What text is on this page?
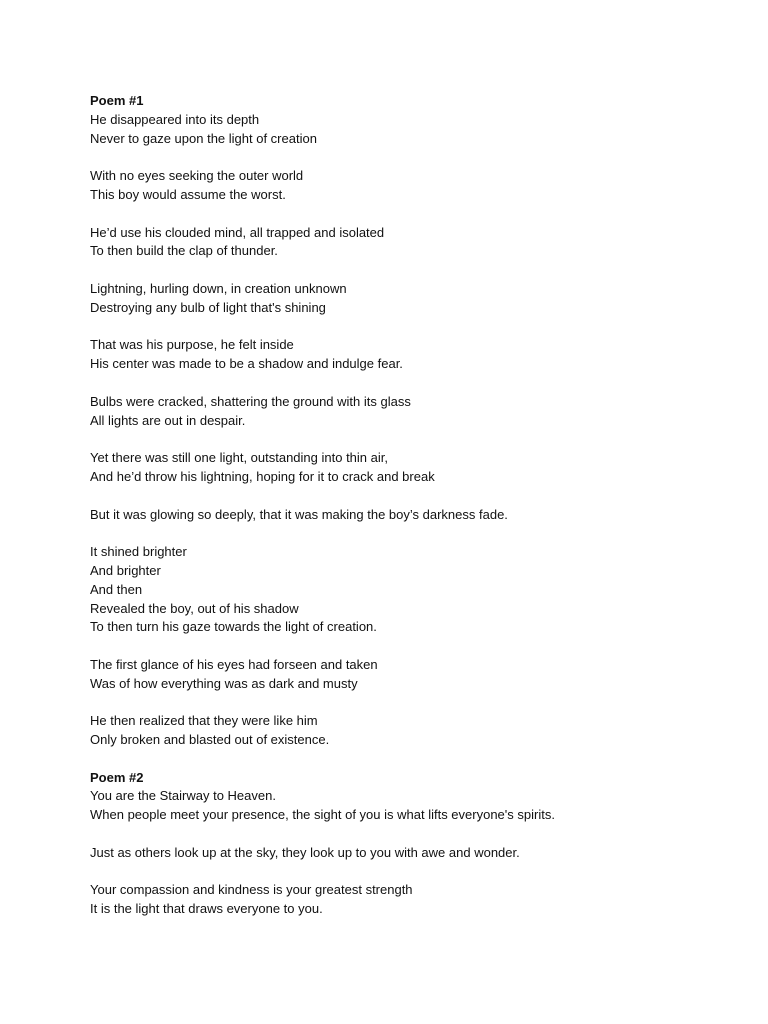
Poem #1
He disappeared into its depth
Never to gaze upon the light of creation
With no eyes seeking the outer world
This boy would assume the worst.
He’d use his clouded mind, all trapped and isolated
To then build the clap of thunder.
Lightning, hurling down, in creation unknown
Destroying any bulb of light that's shining
That was his purpose, he felt inside
His center was made to be a shadow and indulge fear.
Bulbs were cracked, shattering the ground with its glass
All lights are out in despair.
Yet there was still one light, outstanding into thin air,
And he’d throw his lightning, hoping for it to crack and break
But it was glowing so deeply, that it was making the boy’s darkness fade.
It shined brighter
And brighter
And then
Revealed the boy, out of his shadow
To then turn his gaze towards the light of creation.
The first glance of his eyes had forseen and taken
Was of how everything was as dark and musty
He then realized that they were like him
Only broken and blasted out of existence.
Poem #2
You are the Stairway to Heaven.
When people meet your presence, the sight of you is what lifts everyone's spirits.
Just as others look up at the sky, they look up to you with awe and wonder.
Your compassion and kindness is your greatest strength
It is the light that draws everyone to you.
